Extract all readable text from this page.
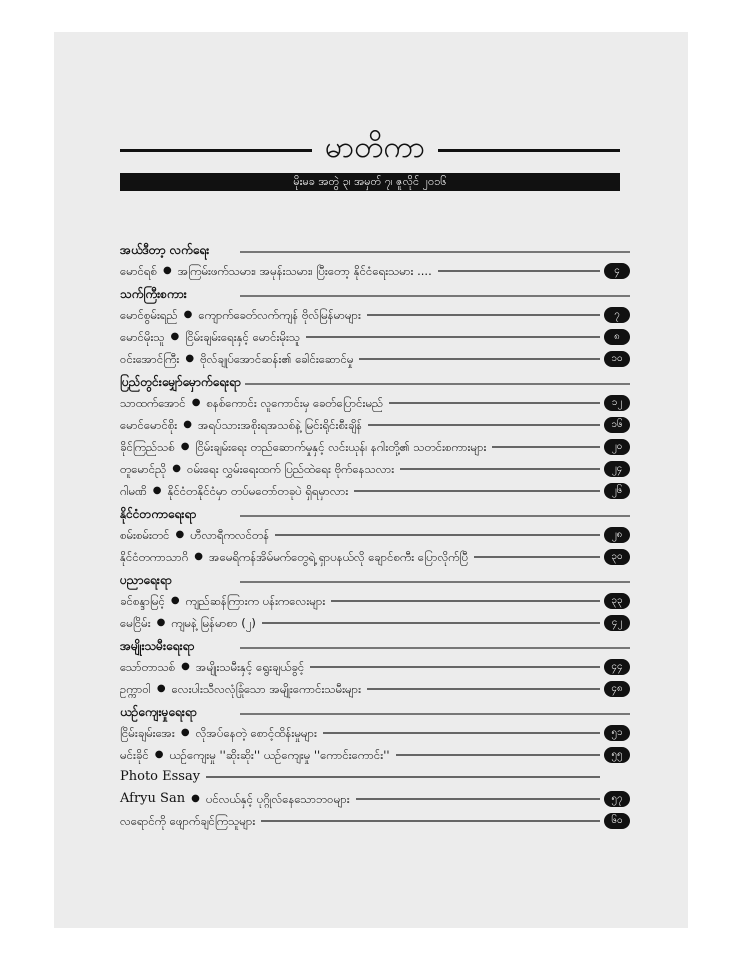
မာတိကာ
မိုးမခ အတွဲ ၃၊ အမှတ် ၇၊ ဇူလိုင် ၂၀၁၆
အယ်ဒီတာ့ လက်ရေး
မောင်ရစ် ● အကြမ်းဖက်သမား၊ အမုန်းသမား၊ ပြီးတော့ နိုင်ငံရေးသမား ....	၄
သက်ကြီးစကား
မောင်စွမ်းရည် ● ကျောက်ခေတ်လက်ကျန် ဗိုလ်မြန်မာများ	၇
မောင်မိုးသူ ● ငြိမ်းချမ်းရေးနှင့် မောင်းမိုးသူ	၈
ဝင်းအောင်ကြီး ● ဗိုလ်ချုပ်အောင်ဆန်း၏ ခေါင်းဆောင်မှု	၁၀
ပြည်တွင်းမျှော်မှောက်ရေးရာ
သာထက်အောင် ● စနစ်ကောင်း လူကောင်းမှ ခေတ်ပြောင်းမည်	၁၂
မောင်မောင်စိုး ● အရပ်သားအစိုးရအသစ်နဲ့ မြင်းရိုင်းစီးချိန်	၁၆
ခိုင်ကြည်သစ် ● ငြိမ်းချမ်းရေး တည်ဆောက်မှုနှင့် လင်းယုန်၊ နဂါးတို့၏ သတင်းစကားများ	၂၀
တူမောင်ညို ● ဝမ်းရေး လွှမ်းရေးထက် ပြည်ထဲရေး ဗိုက်နေသလား	၂၄
ဂါမဏိ ● နိုင်ငံတနိုင်ငံမှာ တပ်မတော်တခုပဲ ရှိရမှာလား	၂၆
နိုင်ငံတကာရေးရာ
စမ်းစမ်းတင် ● ဟီလာရီကလင်တန်	၂၈
နိုင်ငံတကာသာဂိ ● အမေရိကန်အိမ်မက်တွေရဲ့ ရှာပနယ်လို ချောင်စကီး ပြောလိုက်ပြီ	၃၀
ပညာရေးရာ
ခင်စန္ဒာမြင့် ● ကျည်ဆန်ကြားက ပန်းကလေးများ	၃၃
မေငြိမ်း ● ကျမနဲ့ မြန်မာစာ (၂)	၄၂
အမျိုးသမီးရေးရာ
သော်တာသစ် ● အမျိုးသမီးနှင့် ရွေးချယ်ခွင့်	၄၄
ဥက္ကာဝါ ● လေးပါးသီလလုံခြုံသော အမျိုးကောင်းသမီးများ	၄၈
ယဉ်ကျေးမှုရေးရာ
ငြိမ်းချမ်းအေး ● လိုအပ်နေတဲ့ စောင့်ထိန်းမှုများ	၅၁
မင်းခိုင် ● ယဉ်ကျေးမှု ''ဆိုးဆိုး'' ယဉ်ကျေးမှု ''ကောင်းကောင်း''	၅၅
Photo Essay
Afryu San ● ပင်လယ်နှင့် ပုဂ္ဂိုလ်နေသောဘဝများ	၅၇
လရောင်ကို ဖျောက်ချင်ကြသူများ	၆၀
